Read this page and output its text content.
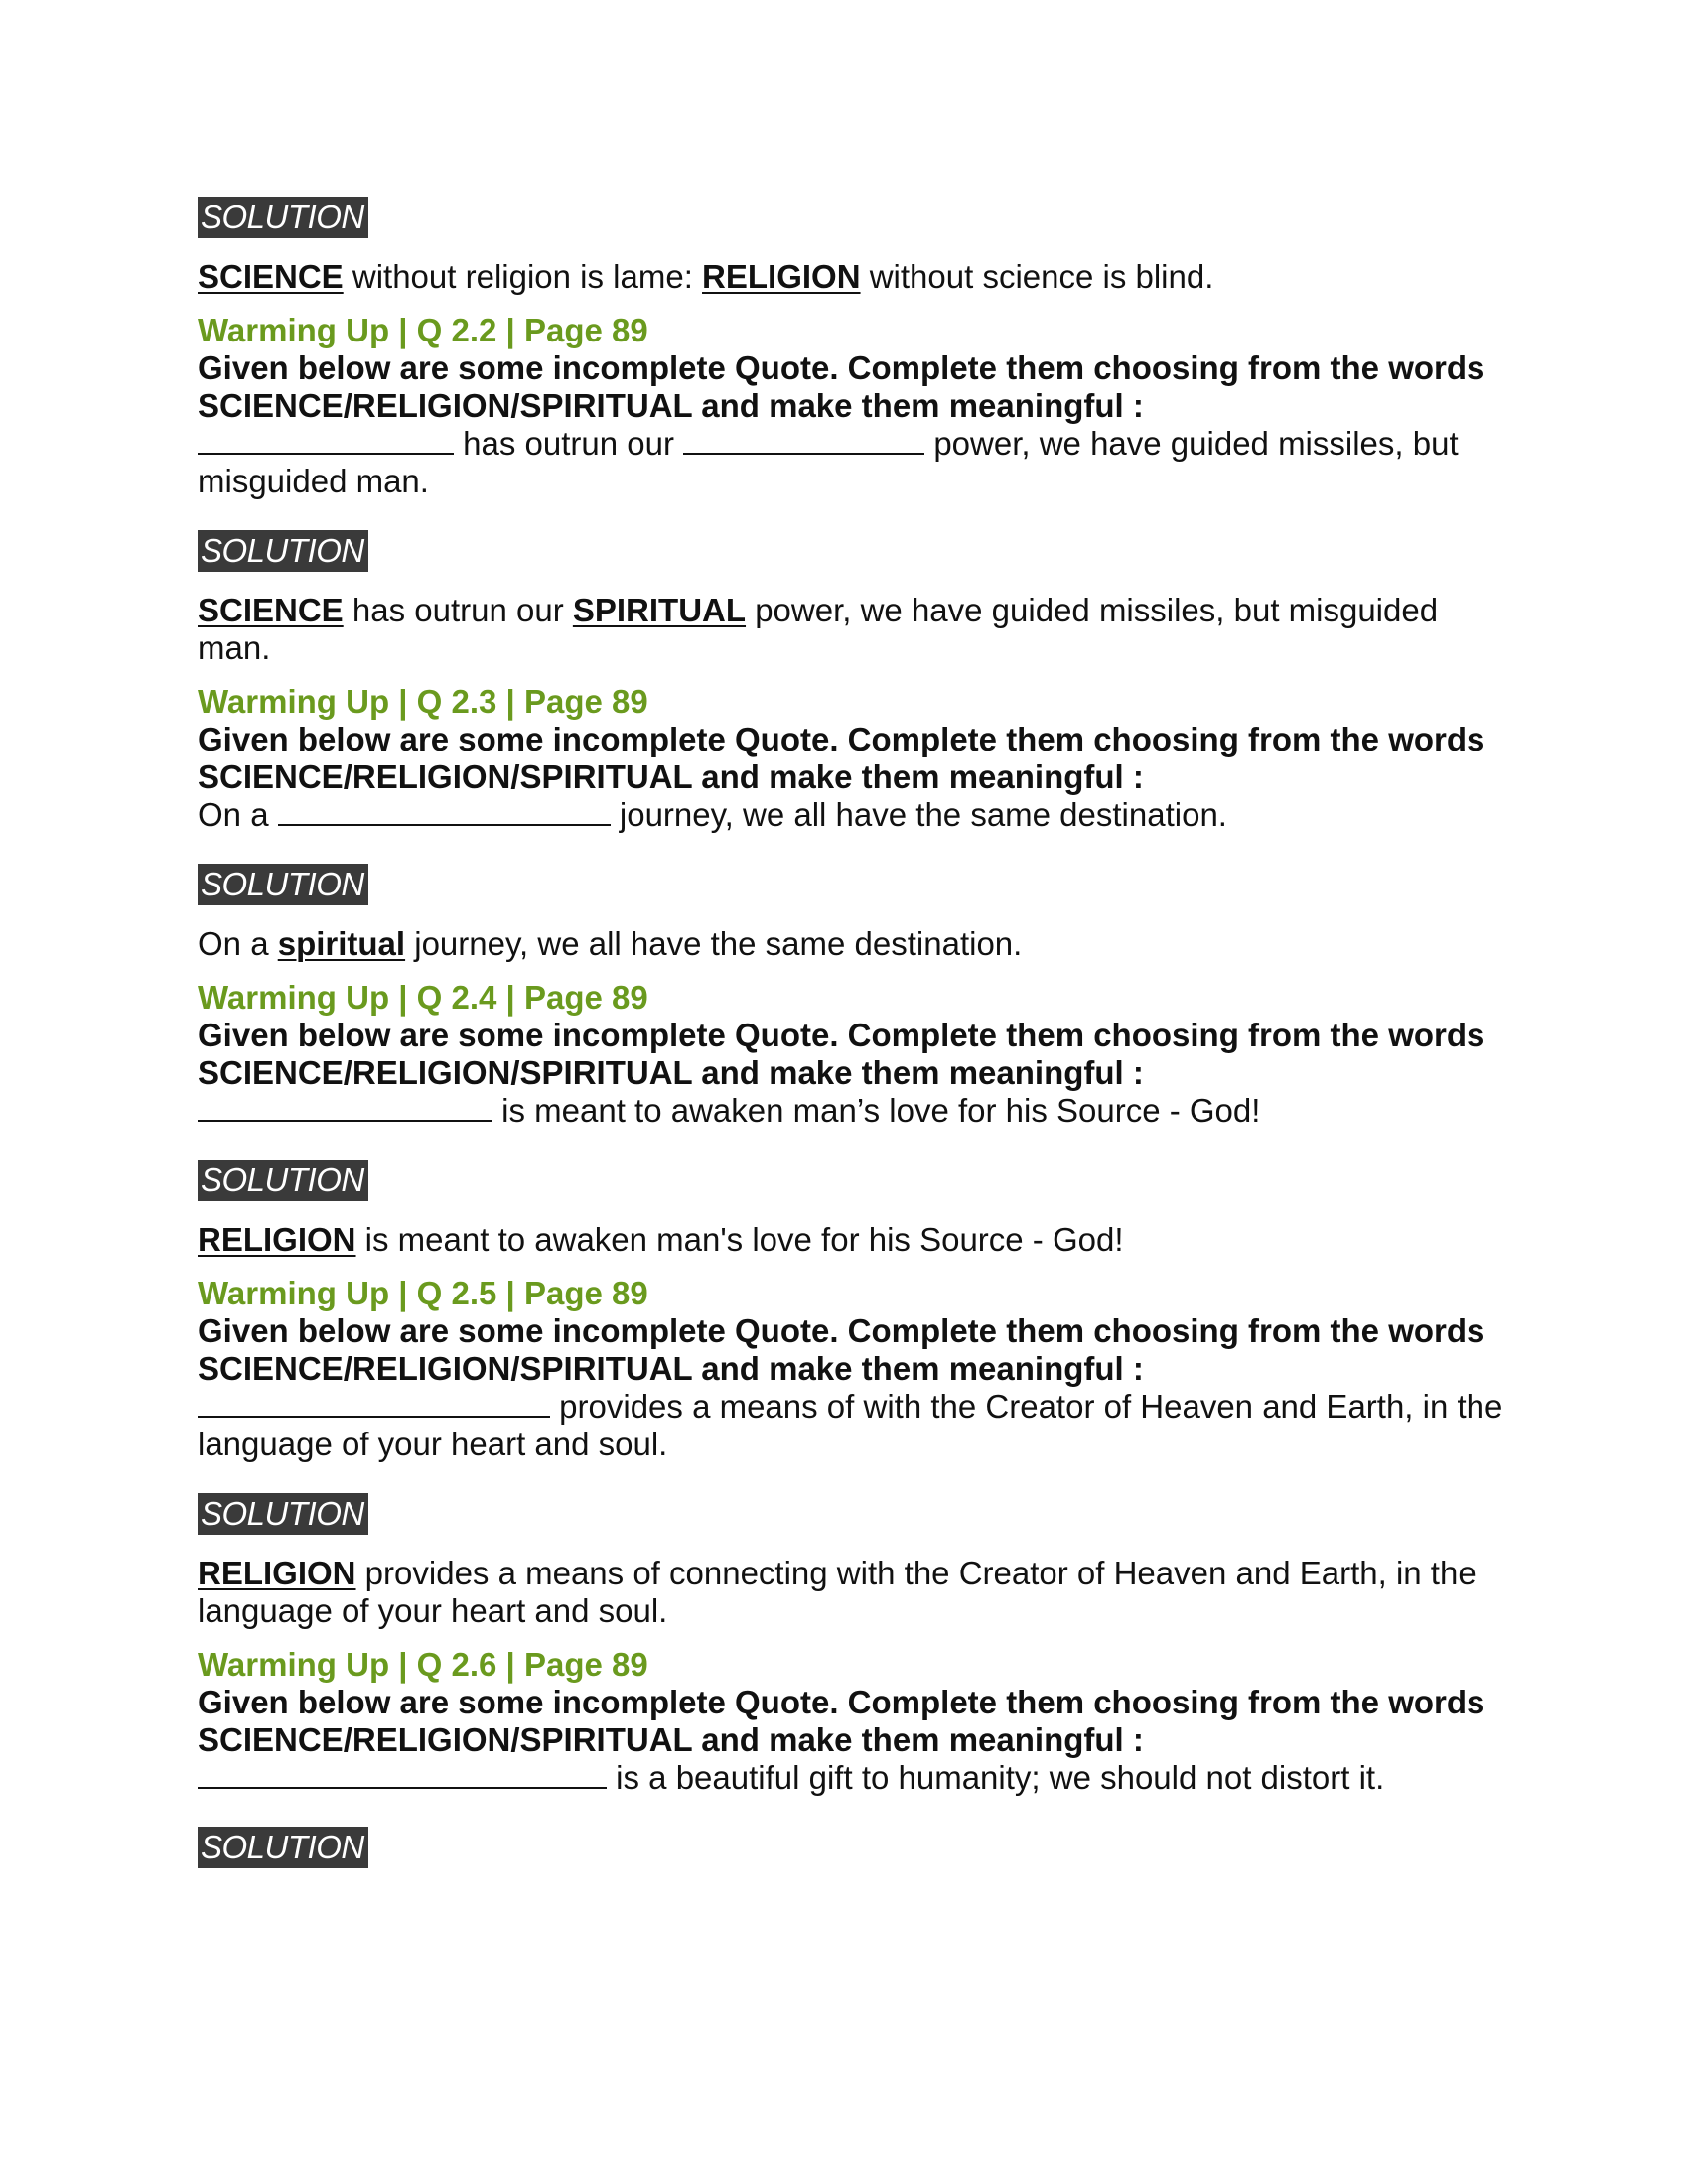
SOLUTION

SCIENCE without religion is lame: RELIGION without science is blind.

Warming Up | Q 2.2 | Page 89
Given below are some incomplete Quote. Complete them choosing from the words SCIENCE/RELIGION/SPIRITUAL and make them meaningful :
has outrun our	power, we have guided missiles, but misguided man.
SOLUTION

SCIENCE has outrun our SPIRITUAL power, we have guided missiles, but misguided man.

Warming Up | Q 2.3 | Page 89
Given below are some incomplete Quote. Complete them choosing from the words SCIENCE/RELIGION/SPIRITUAL and make them meaningful :
On a	journey, we all have the same destination.
SOLUTION

On a spiritual journey, we all have the same destination.

Warming Up | Q 2.4 | Page 89
Given below are some incomplete Quote. Complete them choosing from the words SCIENCE/RELIGION/SPIRITUAL and make them meaningful :
is meant to awaken man’s love for his Source - God!
SOLUTION

RELIGION is meant to awaken man's love for his Source - God!

Warming Up | Q 2.5 | Page 89
Given below are some incomplete Quote. Complete them choosing from the words SCIENCE/RELIGION/SPIRITUAL and make them meaningful :
provides a means of with the Creator of Heaven and Earth, in the language of your heart and soul.
SOLUTION

RELIGION provides a means of connecting with the Creator of Heaven and Earth, in the language of your heart and soul.

Warming Up | Q 2.6 | Page 89
Given below are some incomplete Quote. Complete them choosing from the words SCIENCE/RELIGION/SPIRITUAL and make them meaningful :
is a beautiful gift to humanity; we should not distort it.
SOLUTION
